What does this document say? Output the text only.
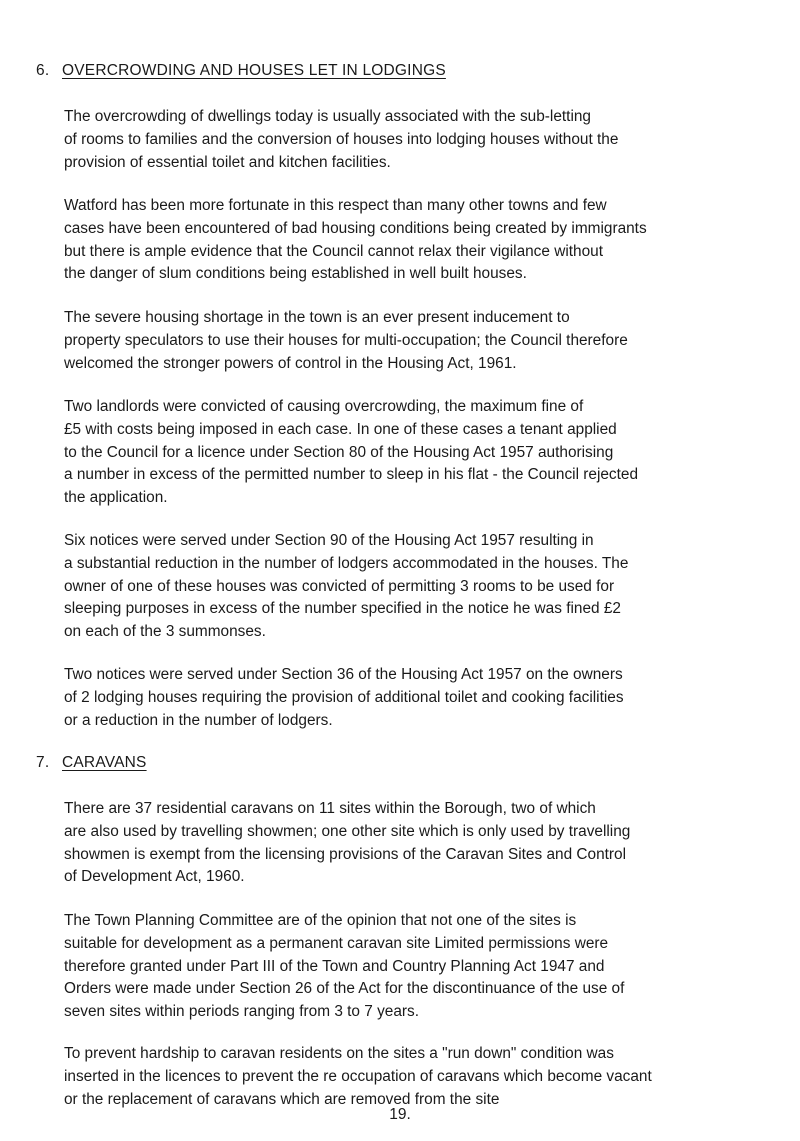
6. OVERCROWDING AND HOUSES LET IN LODGINGS

The overcrowding of dwellings today is usually associated with the sub-letting
of rooms to families and the conversion of houses into lodging houses without the
provision of essential toilet and kitchen facilities.

Watford has been more fortunate in this respect than many other towns and few
cases have been encountered of bad housing conditions being created by immigrants
but there is ample evidence that the Council cannot relax their vigilance without
the danger of slum conditions being established in well built houses.

The severe housing shortage in the town is an ever present inducement to
property speculators to use their houses for multi-occupation; the Council therefore
welcomed the stronger powers of control in the Housing Act, 1961.

Two landlords were convicted of causing overcrowding, the maximum fine of
£5 with costs being imposed in each case. In one of these cases a tenant applied
to the Council for a licence under Section 80 of the Housing Act 1957 authorising
a number in excess of the permitted number to sleep in his flat - the Council rejected
the application.

Six notices were served under Section 90 of the Housing Act 1957 resulting in
a substantial reduction in the number of lodgers accommodated in the houses. The
owner of one of these houses was convicted of permitting 3 rooms to be used for
sleeping purposes in excess of the number specified in the notice he was fined £2
on each of the 3 summonses.

Two notices were served under Section 36 of the Housing Act 1957 on the owners
of 2 lodging houses requiring the provision of additional toilet and cooking facilities
or a reduction in the number of lodgers.

7. CARAVANS

There are 37 residential caravans on 11 sites within the Borough, two of which
are also used by travelling showmen; one other site which is only used by travelling
showmen is exempt from the licensing provisions of the Caravan Sites and Control
of Development Act, 1960.

The Town Planning Committee are of the opinion that not one of the sites is
suitable for development as a permanent caravan site Limited permissions were
therefore granted under Part III of the Town and Country Planning Act 1947 and
Orders were made under Section 26 of the Act for the discontinuance of the use of
seven sites within periods ranging from 3 to 7 years.

To prevent hardship to caravan residents on the sites a "run down" condition was
inserted in the licences to prevent the re occupation of caravans which become vacant
or the replacement of caravans which are removed from the site

19.
